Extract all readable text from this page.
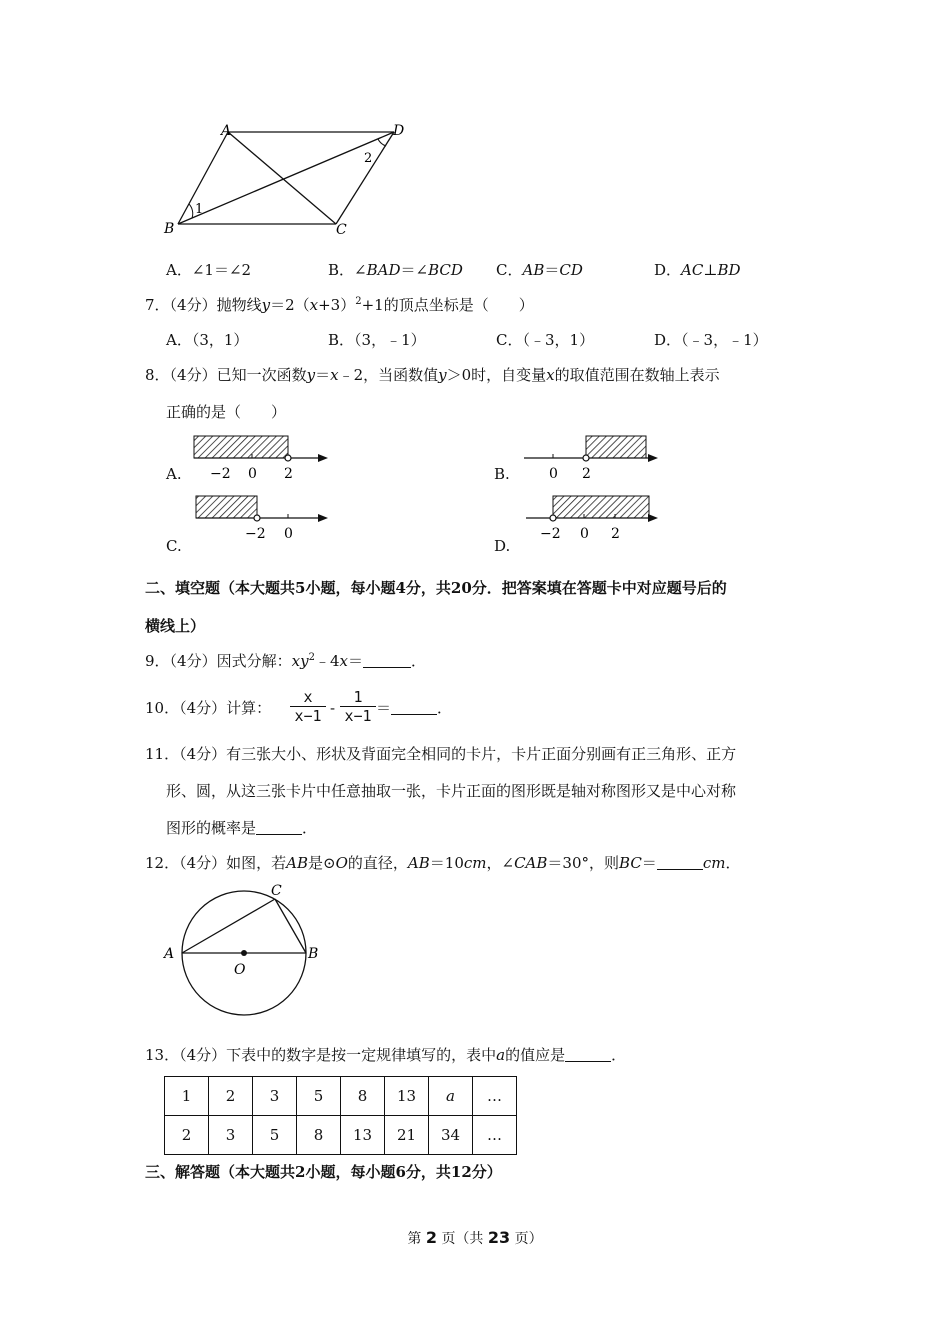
A	D
B	C
1
2
A．∠1＝∠2	B．∠BAD＝∠BCD C．AB＝CD	D．AC⊥BD
7．（4分）抛物线$y=2(x+3)^2+1$的顶点坐标是（　　）
A．（3，1）	B．（3，﹣1）	C．（﹣3，1）	D．（﹣3，﹣1）
8．（4分）已知一次函数y＝x﹣2，当函数值y＞0时，自变量x的取值范围在数轴上表示
正确的是（　　）
A. −2 0 2	B.	0 2
C.
−2 0
D.
−2 0 2
二、填空题（本大题共5小题，每小题4分，共20分．把答案填在答题卡中对应题号后的
横线上）
9．（4分）因式分解：$xy^2﹣4x=$	．
10．（4分）计算：
x
x−1 -
1
x−1 ＝	．
11．（4分）有三张大小、形状及背面完全相同的卡片，卡片正面分别画有正三角形、正方
形、圆，从这三张卡片中任意抽取一张，卡片正面的图形既是轴对称图形又是中心对称
图形的概率是	．
12．（4分）如图，若AB是⊙O的直径，AB＝10cm，∠CAB＝30°，则BC＝	cm．
A	B
C
O
13．（4分）下表中的数字是按一定规律填写的，表中a的值应是	．
1	2	3	5	8	13	a	…
2	3	5	8	13	21	34	…
三、解答题（本大题共2小题，每小题6分，共12分）
第 2 页（共 23 页）
